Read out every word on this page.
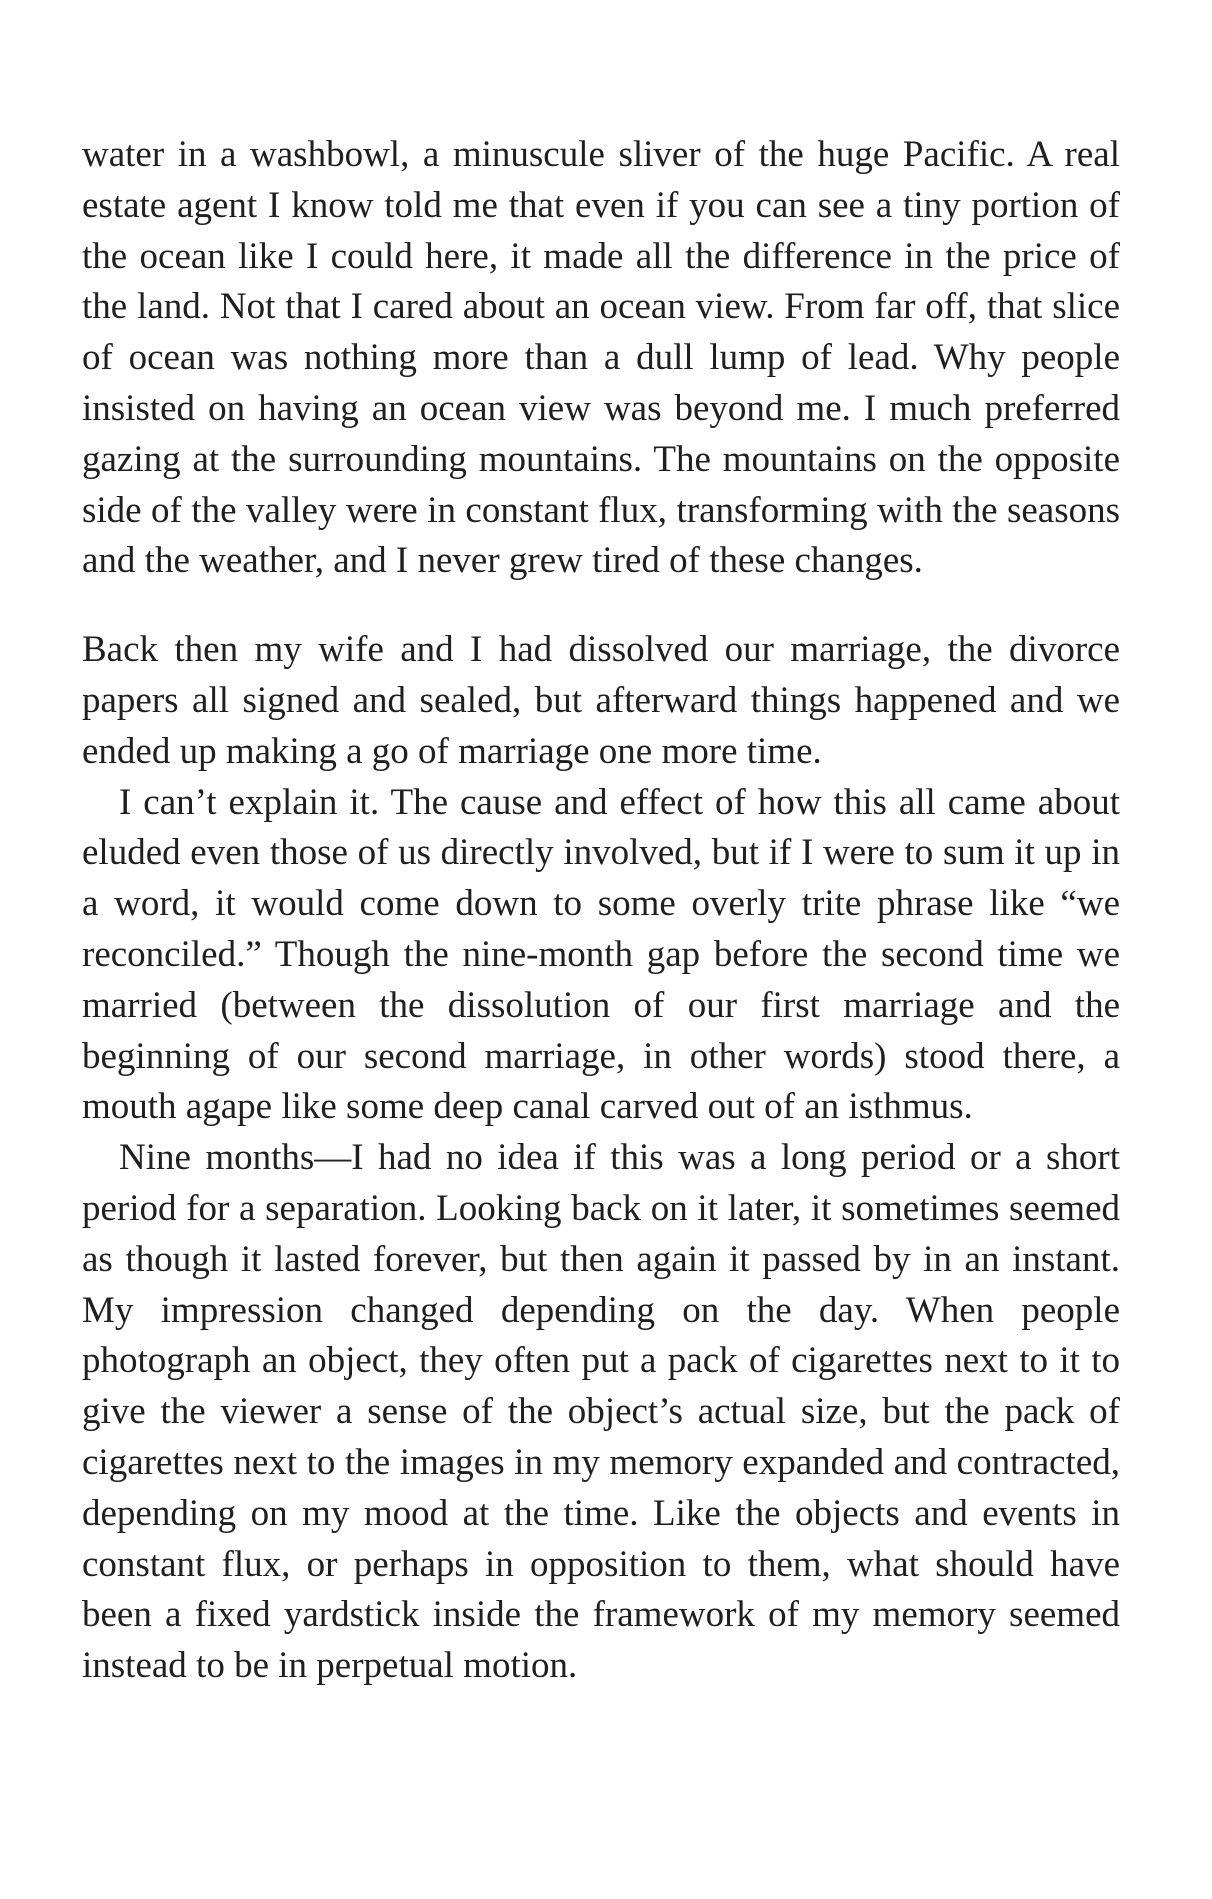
water in a washbowl, a minuscule sliver of the huge Pacific. A real estate agent I know told me that even if you can see a tiny portion of the ocean like I could here, it made all the difference in the price of the land. Not that I cared about an ocean view. From far off, that slice of ocean was nothing more than a dull lump of lead. Why people insisted on having an ocean view was beyond me. I much preferred gazing at the surrounding mountains. The mountains on the opposite side of the valley were in constant flux, transforming with the seasons and the weather, and I never grew tired of these changes.

Back then my wife and I had dissolved our marriage, the divorce papers all signed and sealed, but afterward things happened and we ended up making a go of marriage one more time.

I can’t explain it. The cause and effect of how this all came about eluded even those of us directly involved, but if I were to sum it up in a word, it would come down to some overly trite phrase like “we reconciled.” Though the nine-month gap before the second time we married (between the dissolution of our first marriage and the beginning of our second marriage, in other words) stood there, a mouth agape like some deep canal carved out of an isthmus.

Nine months—I had no idea if this was a long period or a short period for a separation. Looking back on it later, it sometimes seemed as though it lasted forever, but then again it passed by in an instant. My impression changed depending on the day. When people photograph an object, they often put a pack of cigarettes next to it to give the viewer a sense of the object’s actual size, but the pack of cigarettes next to the images in my memory expanded and contracted, depending on my mood at the time. Like the objects and events in constant flux, or perhaps in opposition to them, what should have been a fixed yardstick inside the framework of my memory seemed instead to be in perpetual motion.
